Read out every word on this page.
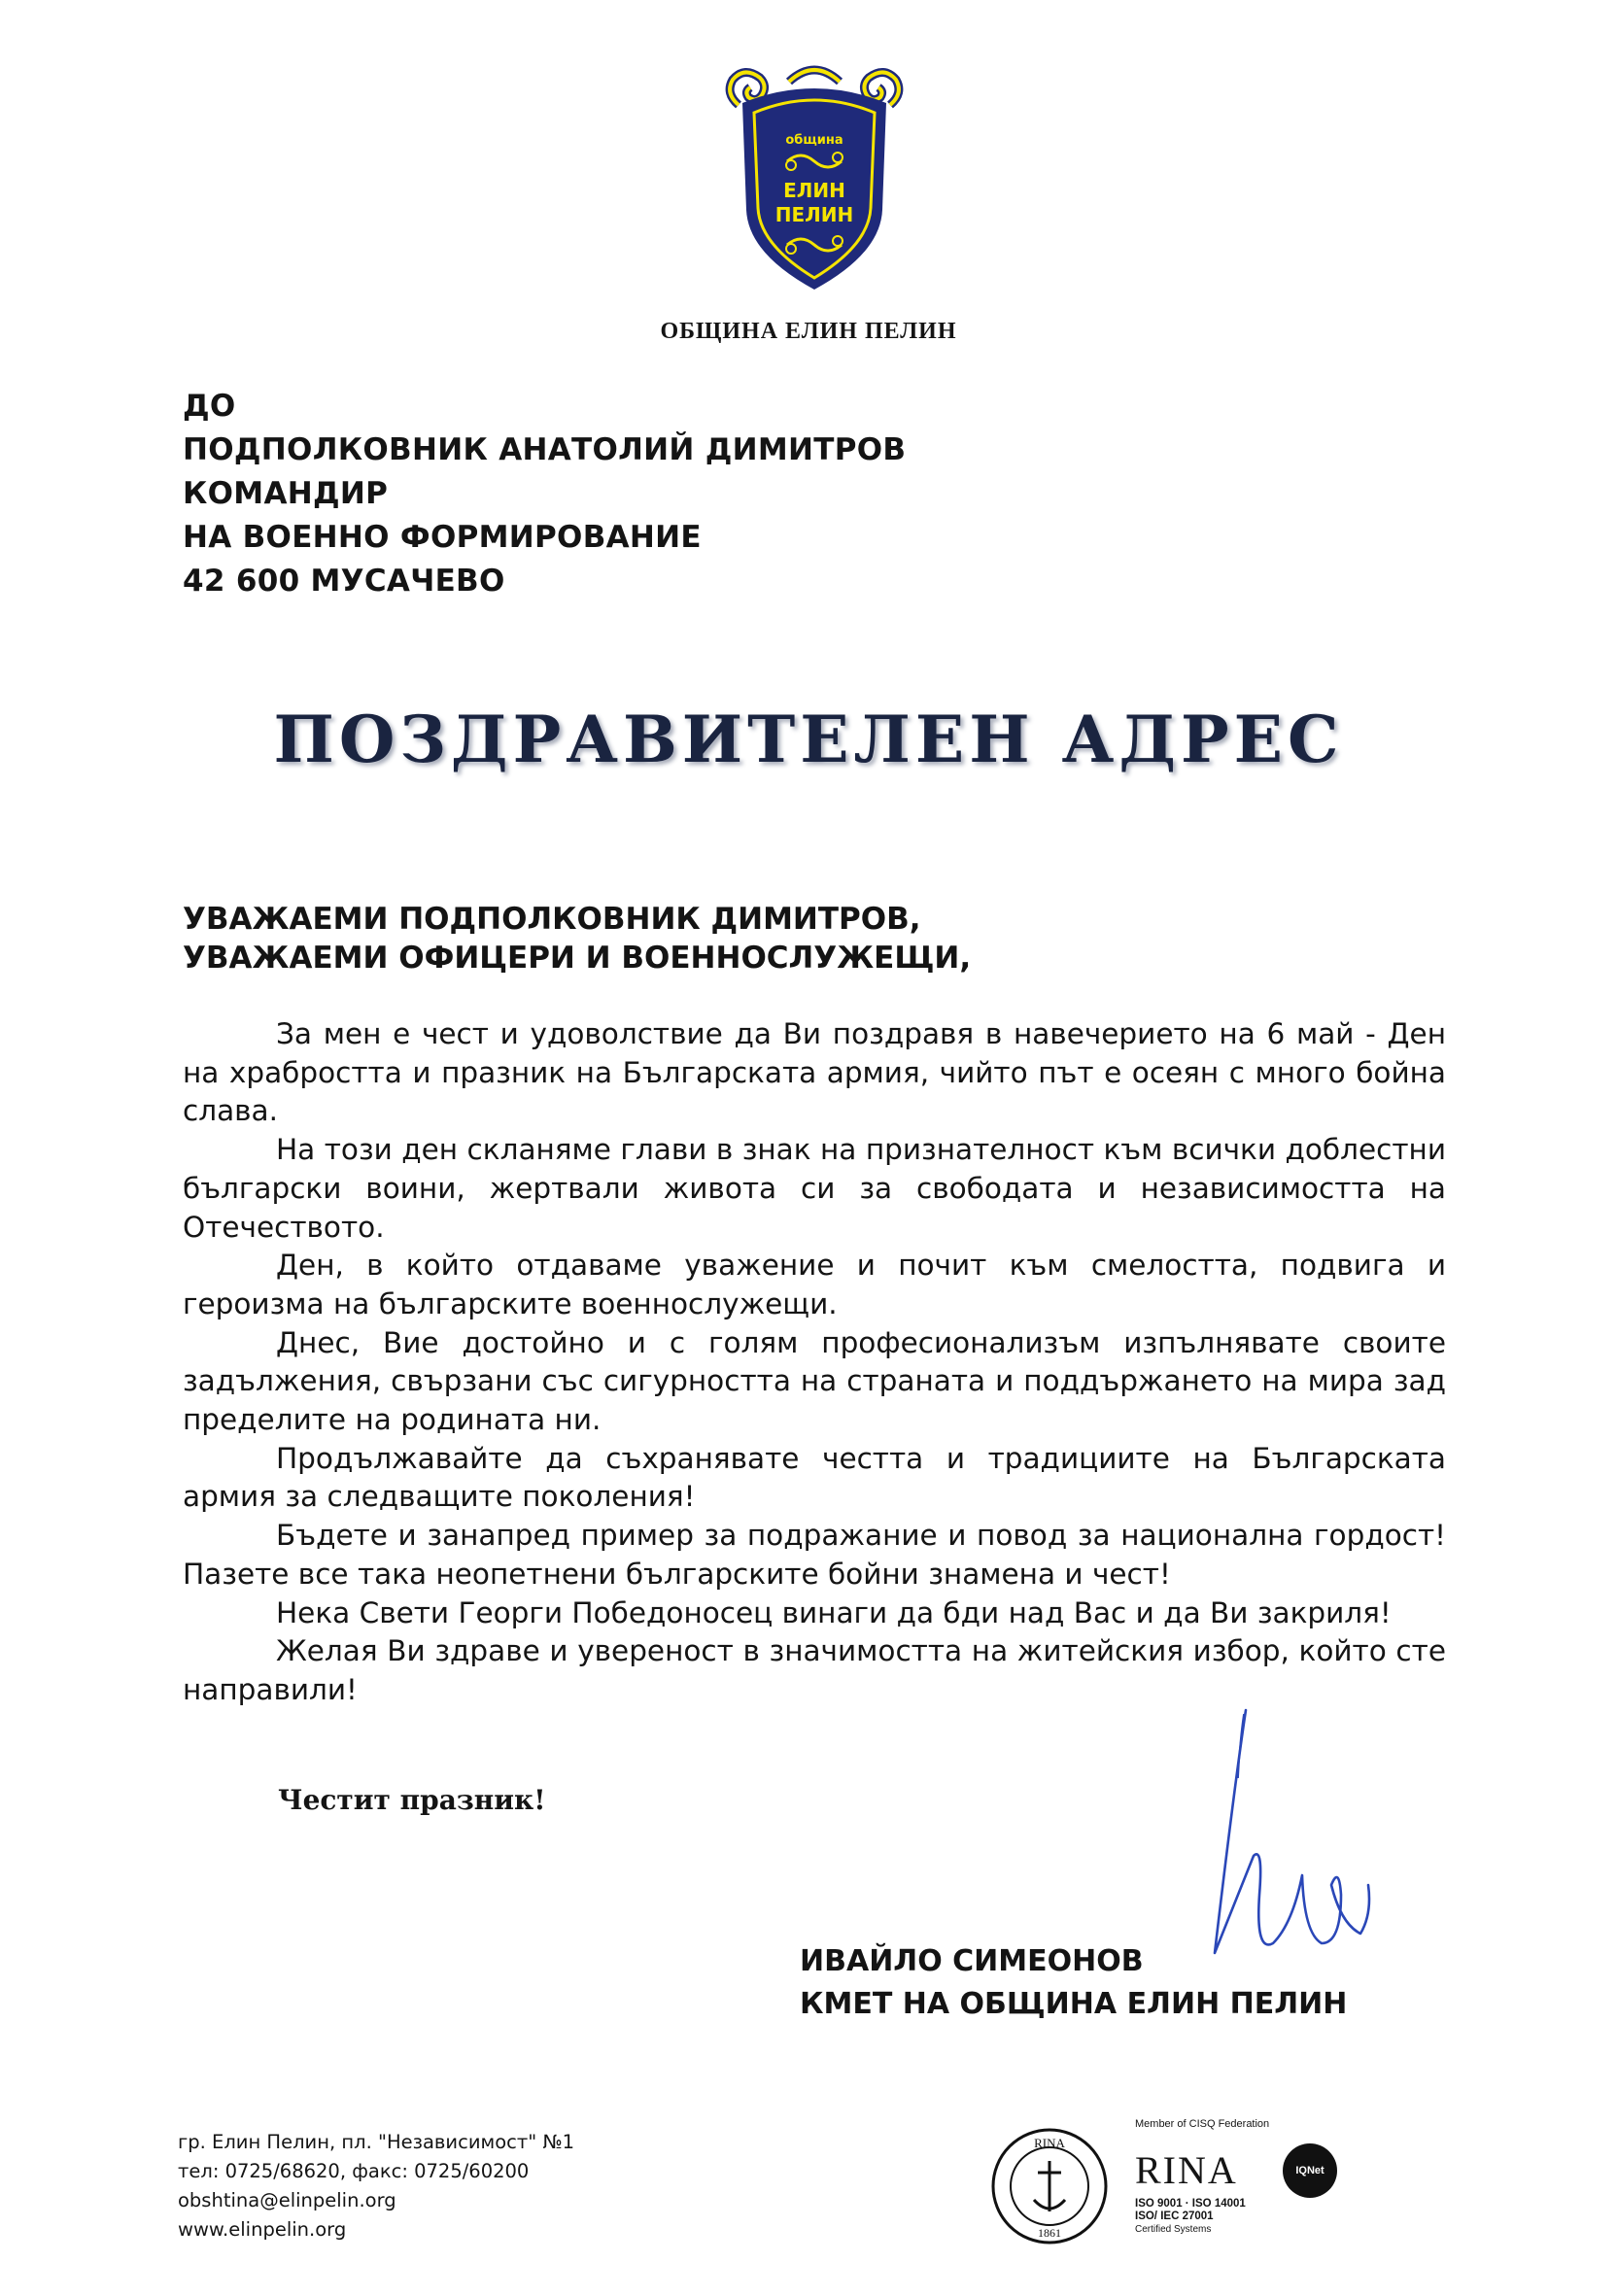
община
ЕЛИН
ПЕЛИН
ОБЩИНА ЕЛИН ПЕЛИН
ДО
ПОДПОЛКОВНИК АНАТОЛИЙ ДИМИТРОВ
КОМАНДИР
НА ВОЕННО ФОРМИРОВАНИЕ
42 600 МУСАЧЕВО
ПОЗДРАВИТЕЛЕН АДРЕС
УВАЖАЕМИ ПОДПОЛКОВНИК ДИМИТРОВ,
УВАЖАЕМИ ОФИЦЕРИ И ВОЕННОСЛУЖЕЩИ,

За мен е чест и удоволствие да Ви поздравя в навечерието на 6 май - Ден на храбростта и празник на Българската армия, чийто път е осеян с много бойна слава.

На този ден скланяме глави в знак на признателност към всички доблестни български воини, жертвали живота си за свободата и независимостта на Отечеството.

Ден, в който отдаваме уважение и почит към смелостта, подвига и героизма на българските военнослужещи.

Днес, Вие достойно и с голям професионализъм изпълнявате своите задължения, свързани със сигурността на страната и поддържането на мира зад пределите на родината ни.

Продължавайте да съхранявате честта и традициите на Българската армия за следващите поколения!

Бъдете и занапред пример за подражание и повод за национална гордост! Пазете все така неопетнени българските бойни знамена и чест!

Нека Свети Георги Победоносец винаги да бди над Вас и да Ви закриля!

Желая Ви здраве и увереност в значимостта на житейския избор, който сте направили!

Честит празник!
ИВАЙЛО СИМЕОНОВ
КМЕТ НА ОБЩИНА ЕЛИН ПЕЛИН
гр. Елин Пелин, пл. "Независимост" №1
тел: 0725/68620, факс: 0725/60200
obshtina@elinpelin.org
www.elinpelin.org
RINA
1861
Member of CISQ Federation
RINA	IQNet
ISO 9001 · ISO 14001
ISO/ IEC 27001
Certified Systems
